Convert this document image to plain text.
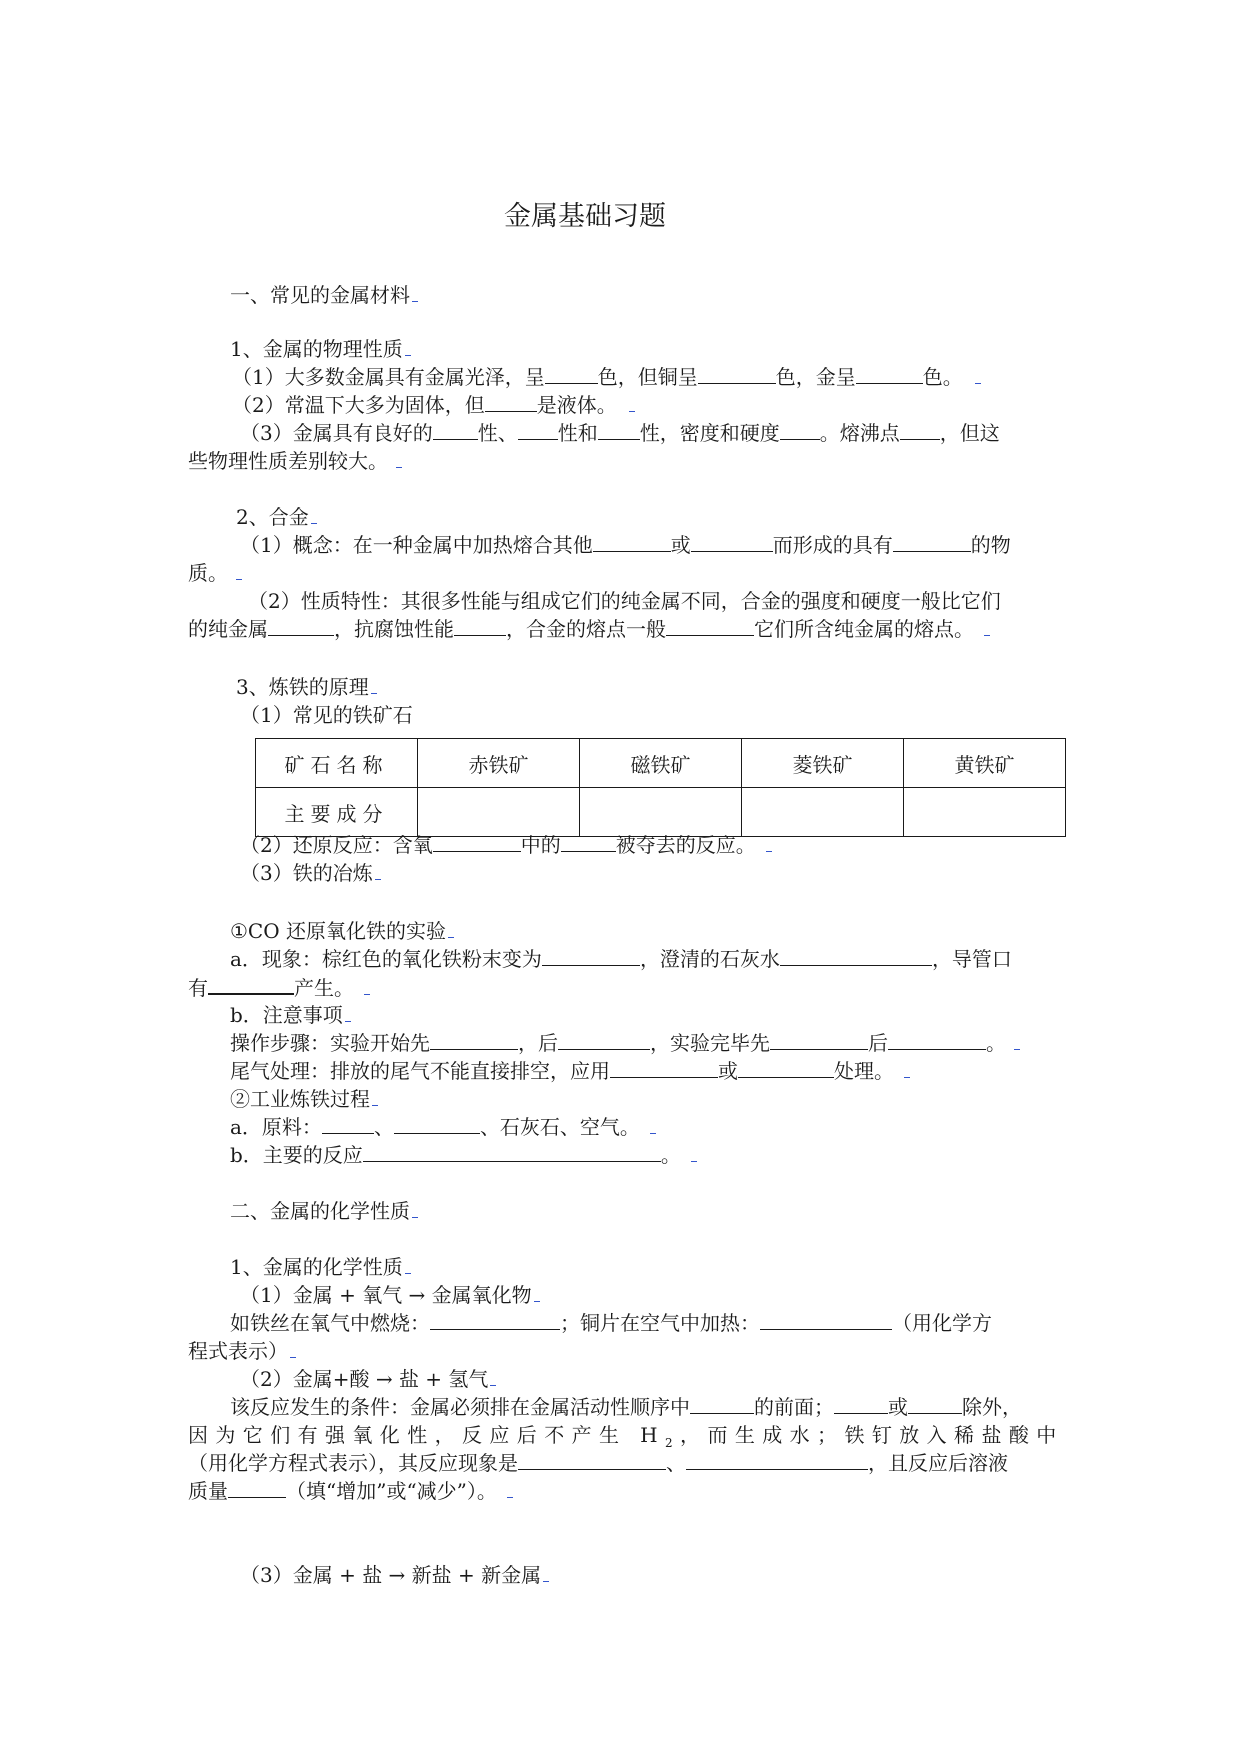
金属基础习题
一、常见的金属材料
1、金属的物理性质
（1）大多数金属具有金属光泽，呈	色，但铜呈	色，金呈	色。
（2）常温下大多为固体，但	是液体。
（3）金属具有良好的 性、 性和 性，密度和硬度 。熔沸点 ，但这
些物理性质差别较大。
2、合金
（1）概念：在一种金属中加热熔合其他	或	而形成的具有	的物
质。
（2）性质特性：其很多性能与组成它们的纯金属不同，合金的强度和硬度一般比它们
的纯金属	，抗腐蚀性能	，合金的熔点一般	它们所含纯金属的熔点。
3、炼铁的原理
（1）常见的铁矿石
矿石名称	赤铁矿	磁铁矿	菱铁矿	黄铁矿
主要成分				
（2）还原反应：含氧	中的	被夺去的反应。
（3）铁的冶炼
①CO 还原氧化铁的实验
a．现象：棕红色的氧化铁粉末变为	，澄清的石灰水	，导管口
有	产生。
b．注意事项
操作步骤：实验开始先	，后	，实验完毕先	后	。
尾气处理：排放的尾气不能直接排空，应用	或	处理。
②工业炼铁过程
a．原料：	、	、石灰石、空气。
b．主要的反应	。
二、金属的化学性质
1、金属的化学性质
（1）金属 + 氧气 → 金属氧化物
如铁丝在氧气中燃烧：	；铜片在空气中加热：	（用化学方
程式表示）
（2）金属+酸 → 盐 + 氢气
该反应发生的条件：金属必须排在金属活动性顺序中	的前面；	或	除外，
因为它们有强氧化性，反应后不产生 $H_2$，而生成水；铁钉放入稀盐酸中
（用化学方程式表示），其反应现象是	、	，且反应后溶液
质量	（填“增加”或“减少”）。
（3）金属 + 盐 → 新盐 + 新金属
